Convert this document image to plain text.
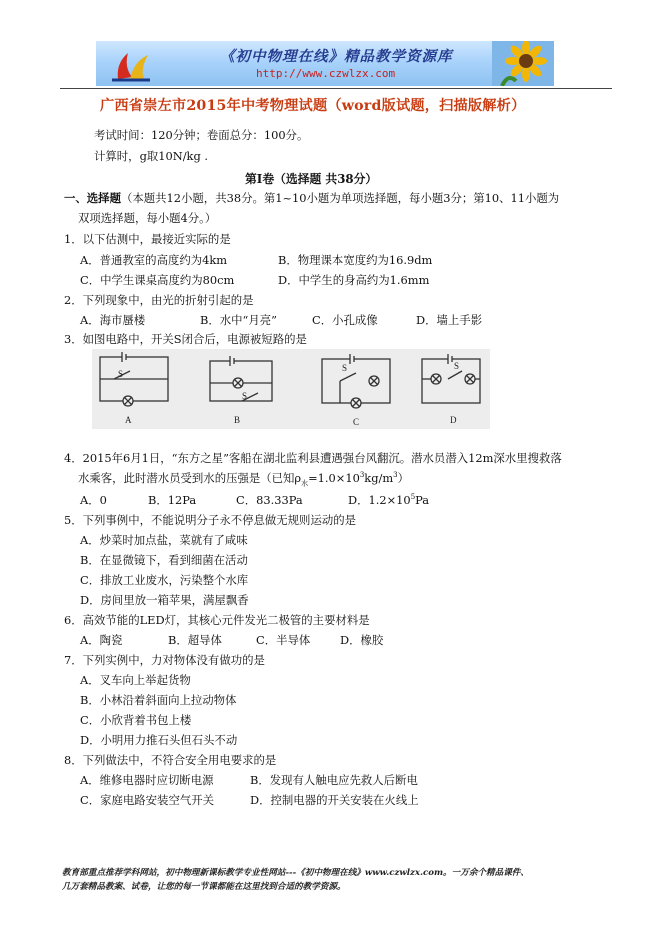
《初中物理在线》精品教学资源库
http://www.czwlzx.com
广西省崇左市2015年中考物理试题（word版试题，扫描版解析）
考试时间：120分钟；卷面总分：100分。
计算时，g取10N/kg .
第Ⅰ卷（选择题 共38分）
一、选择题（本题共12小题，共38分。第1~10小题为单项选择题，每小题3分；第10、11小题为
双项选择题，每小题4分。）
1．以下估测中，最接近实际的是
A．普通教室的高度约为4km	B．物理课本宽度约为16.9dm
C．中学生课桌高度约为80cm	D．中学生的身高约为1.6mm
2．下列现象中，由光的折射引起的是
A．海市蜃楼	B．水中“月亮”	C．小孔成像	D．墙上手影
3．如图电路中，开关S闭合后，电源被短路的是
S
A
S
B
S
C
S
D
4．2015年6月1日，“东方之星”客船在湖北监利县遭遇强台风翻沉。潜水员潜入12m深水里搜救落
水乘客，此时潜水员受到水的压强是（已知$\rho_水=1.0\times 10^3kg/m^3$）
A．0	B．12Pa	C．83.33Pa	D．$1.2\times 10^5Pa$
5．下列事例中，不能说明分子永不停息做无规则运动的是
A．炒菜时加点盐，菜就有了咸味
B．在显微镜下，看到细菌在活动
C．排放工业废水，污染整个水库
D．房间里放一箱苹果，满屋飘香
6．高效节能的LED灯，其核心元件发光二极管的主要材料是
A．陶瓷	B．超导体	C．半导体	D．橡胶
7．下列实例中，力对物体没有做功的是
A．叉车向上举起货物
B．小林沿着斜面向上拉动物体
C．小欣背着书包上楼
D．小明用力推石头但石头不动
8．下列做法中，不符合安全用电要求的是
A．维修电器时应切断电源	B．发现有人触电应先救人后断电
C．家庭电路安装空气开关	D．控制电器的开关安装在火线上
教育部重点推荐学科网站，初中物理新课标教学专业性网站---《初中物理在线》www.czwlzx.com。一万余个精品课件、
几万套精品教案、试卷，让您的每一节课都能在这里找到合适的教学资源。
